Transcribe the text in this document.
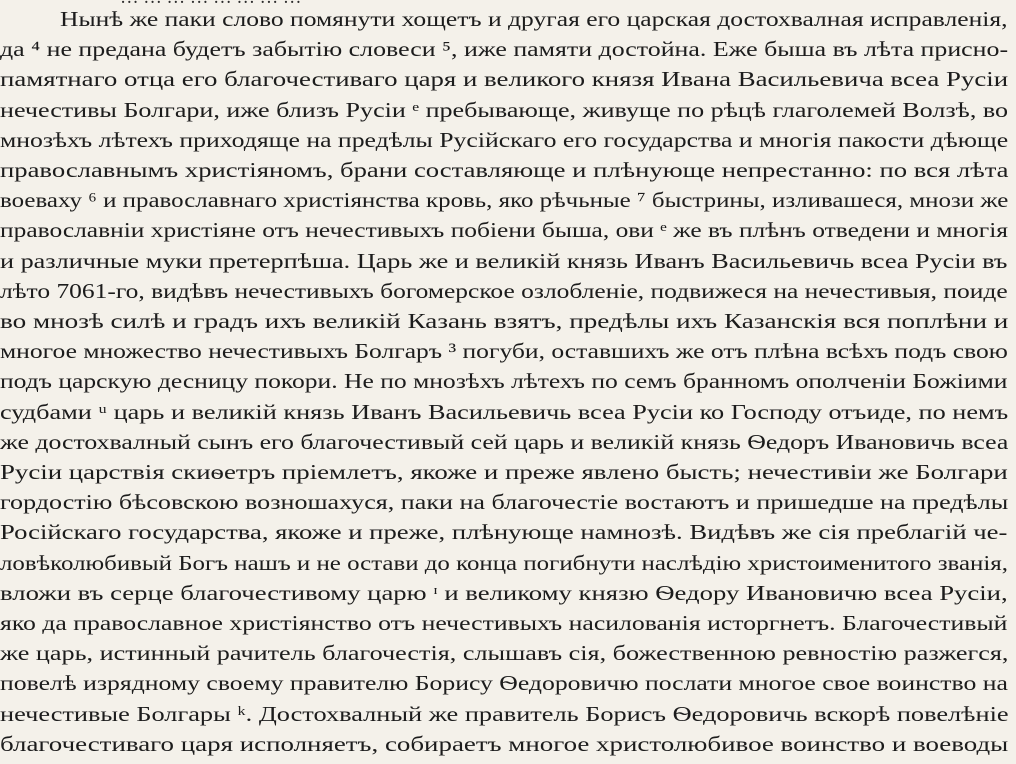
Нынѣ же паки слово помянути хощетъ и другая его царская достохвалная исправленія,
да ⁴ не предана будетъ забытію словеси ⁵, иже памяти достойна. Еже быша въ лѣта присно-
памятнаго отца его благочестиваго царя и великого князя Ивана Васильевича всеа Русіи
нечестивы Болгари, иже близъ Русіи ᵉ пребывающе, живуще по рѣцѣ глаголемей Волзѣ, во
мнозѣхъ лѣтехъ приходяще на предѣлы Русійскаго его государства и многія пакости дѣюще
православнымъ христіяномъ, брани составляюще и плѣнующе непрестанно: по вся лѣта
воеваху ⁶ и православнаго христіянства кровь, яко рѣчьные ⁷ быстрины, изливашеся, мнози же
православніи христіяне отъ нечестивыхъ побіени быша, ови ᵉ же въ плѣнъ отведени и многія
и различные муки претерпѣша. Царь же и великій князь Иванъ Васильевичь всеа Русіи въ
лѣто 7061-го, видѣвъ нечестивыхъ богомерское озлобленіе, подвижеся на нечестивыя, поиде
во мнозѣ силѣ и градъ ихъ великій Казань взятъ, предѣлы ихъ Казанскія вся поплѣни и
многое множество нечестивыхъ Болгаръ ³ погуби, оставшихъ же отъ плѣна всѣхъ подъ свою
подъ царскую десницу покори. Не по мнозѣхъ лѣтехъ по семъ бранномъ ополченіи Божіими
судбами ᵘ царь и великій князь Иванъ Васильевичь всеа Русіи ко Господу отъиде, по немъ
же достохвалный сынъ его благочестивый сей царь и великій князь Ѳедоръ Ивановичь всеа
Русіи царствія скиѳетръ пріемлетъ, якоже и преже явлено бысть; нечестивіи же Болгари
гордостію бѣсовскою вознoшахуся, паки на благочестіе востаютъ и пришедше на предѣлы
Російскаго государства, якоже и преже, плѣнующе намнозѣ. Видѣвъ же сія преблагій че-
ловѣколюбивый Богъ нашъ и не остави до конца погибнути наслѣдію христоименитого званія,
вложи въ серце благочестивому царю ᶦ и великому князю Ѳедору Ивановичю всеа Русіи,
яко да православное христіянство отъ нечестивыхъ насилованія исторгнетъ. Благочестивый
же царь, истинный рачитель благочестія, слышавъ сія, божественною ревностію разжегся,
повелѣ изрядному своему правителю Борису Ѳедоровичю послати многое свое воинство на
нечестивые Болгары ᵏ. Достохвалный же правитель Борисъ Ѳедоровичь вскорѣ повелѣніе
благочестиваго царя исполняетъ, собираетъ многое христолюбивое воинство и воеводы
